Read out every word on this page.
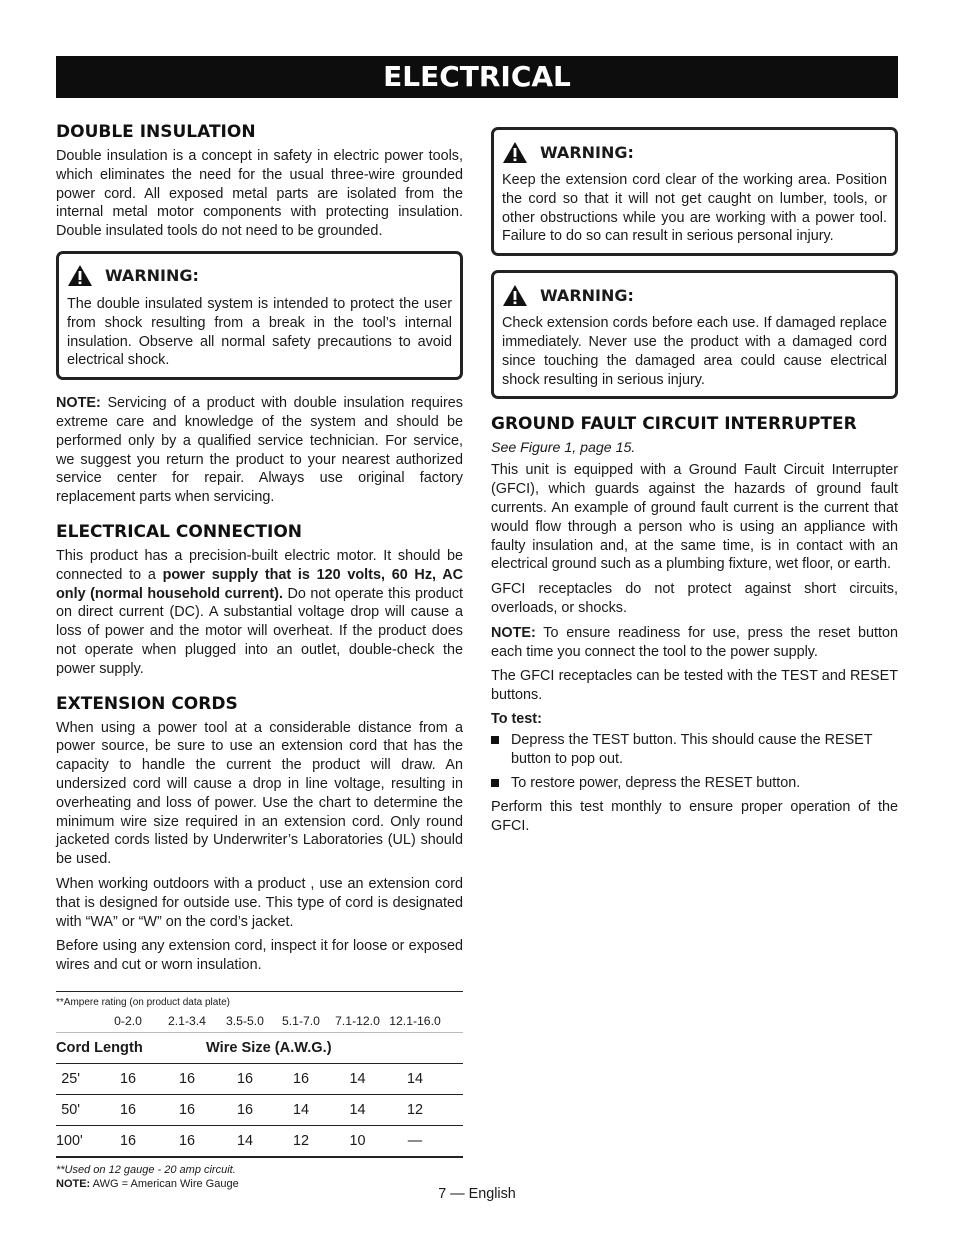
ELECTRICAL
DOUBLE INSULATION

Double insulation is a concept in safety in electric power tools, which eliminates the need for the usual three-wire grounded power cord. All exposed metal parts are isolated from the internal metal motor components with protecting insulation. Double insulated tools do not need to be grounded.

WARNING:

The double insulated system is intended to protect the user from shock resulting from a break in the tool’s internal insulation. Observe all normal safety precautions to avoid electrical shock.

NOTE: Servicing of a product with double insulation requires extreme care and knowledge of the system and should be performed only by a qualified service technician. For service, we suggest you return the product to your nearest authorized service center for repair. Always use original factory replacement parts when servicing.

ELECTRICAL CONNECTION

This product has a precision-built electric motor. It should be connected to a power supply that is 120 volts, 60 Hz, AC only (normal household current). Do not operate this product on direct current (DC). A substantial voltage drop will cause a loss of power and the motor will overheat. If the product does not operate when plugged into an outlet, double-check the power supply.

EXTENSION CORDS

When using a power tool at a considerable distance from a power source, be sure to use an extension cord that has the capacity to handle the current the product will draw. An undersized cord will cause a drop in line voltage, resulting in overheating and loss of power. Use the chart to determine the minimum wire size required in an extension cord. Only round jacketed cords listed by Underwriter’s Laboratories (UL) should be used.

When working outdoors with a product , use an extension cord that is designed for outside use. This type of cord is designated with “WA” or “W” on the cord’s jacket.

Before using any extension cord, inspect it for loose or exposed wires and cut or worn insulation.

**Ampere rating (on product data plate)
0-2.0	2.1-3.4	3.5-5.0	5.1-7.0	7.1-12.0 12.1-16.0
Cord Length	Wire Size (A.W.G.)
25'	16	16	16	16	14	14
50'	16	16	16	14	14	12
100'	16	16	14	12	10	—
**Used on 12 gauge - 20 amp circuit.
NOTE: AWG = American Wire Gauge
WARNING:

Keep the extension cord clear of the working area. Position the cord so that it will not get caught on lumber, tools, or other obstructions while you are working with a power tool. Failure to do so can result in serious personal injury.

WARNING:

Check extension cords before each use. If damaged replace immediately. Never use the product with a damaged cord since touching the damaged area could cause electrical shock resulting in serious injury.

GROUND FAULT CIRCUIT INTERRUPTER
See Figure 1, page 15.

This unit is equipped with a Ground Fault Circuit Interrupter (GFCI), which guards against the hazards of ground fault currents. An example of ground fault current is the current that would flow through a person who is using an appliance with faulty insulation and, at the same time, is in contact with an electrical ground such as a plumbing fixture, wet floor, or earth.

GFCI receptacles do not protect against short circuits, overloads, or shocks.

NOTE: To ensure readiness for use, press the reset button each time you connect the tool to the power supply.

The GFCI receptacles can be tested with the TEST and RESET buttons.

To test:
Depress the TEST button. This should cause the RESET button to pop out.
To restore power, depress the RESET button.

Perform this test monthly to ensure proper operation of the GFCI.

7 — English
